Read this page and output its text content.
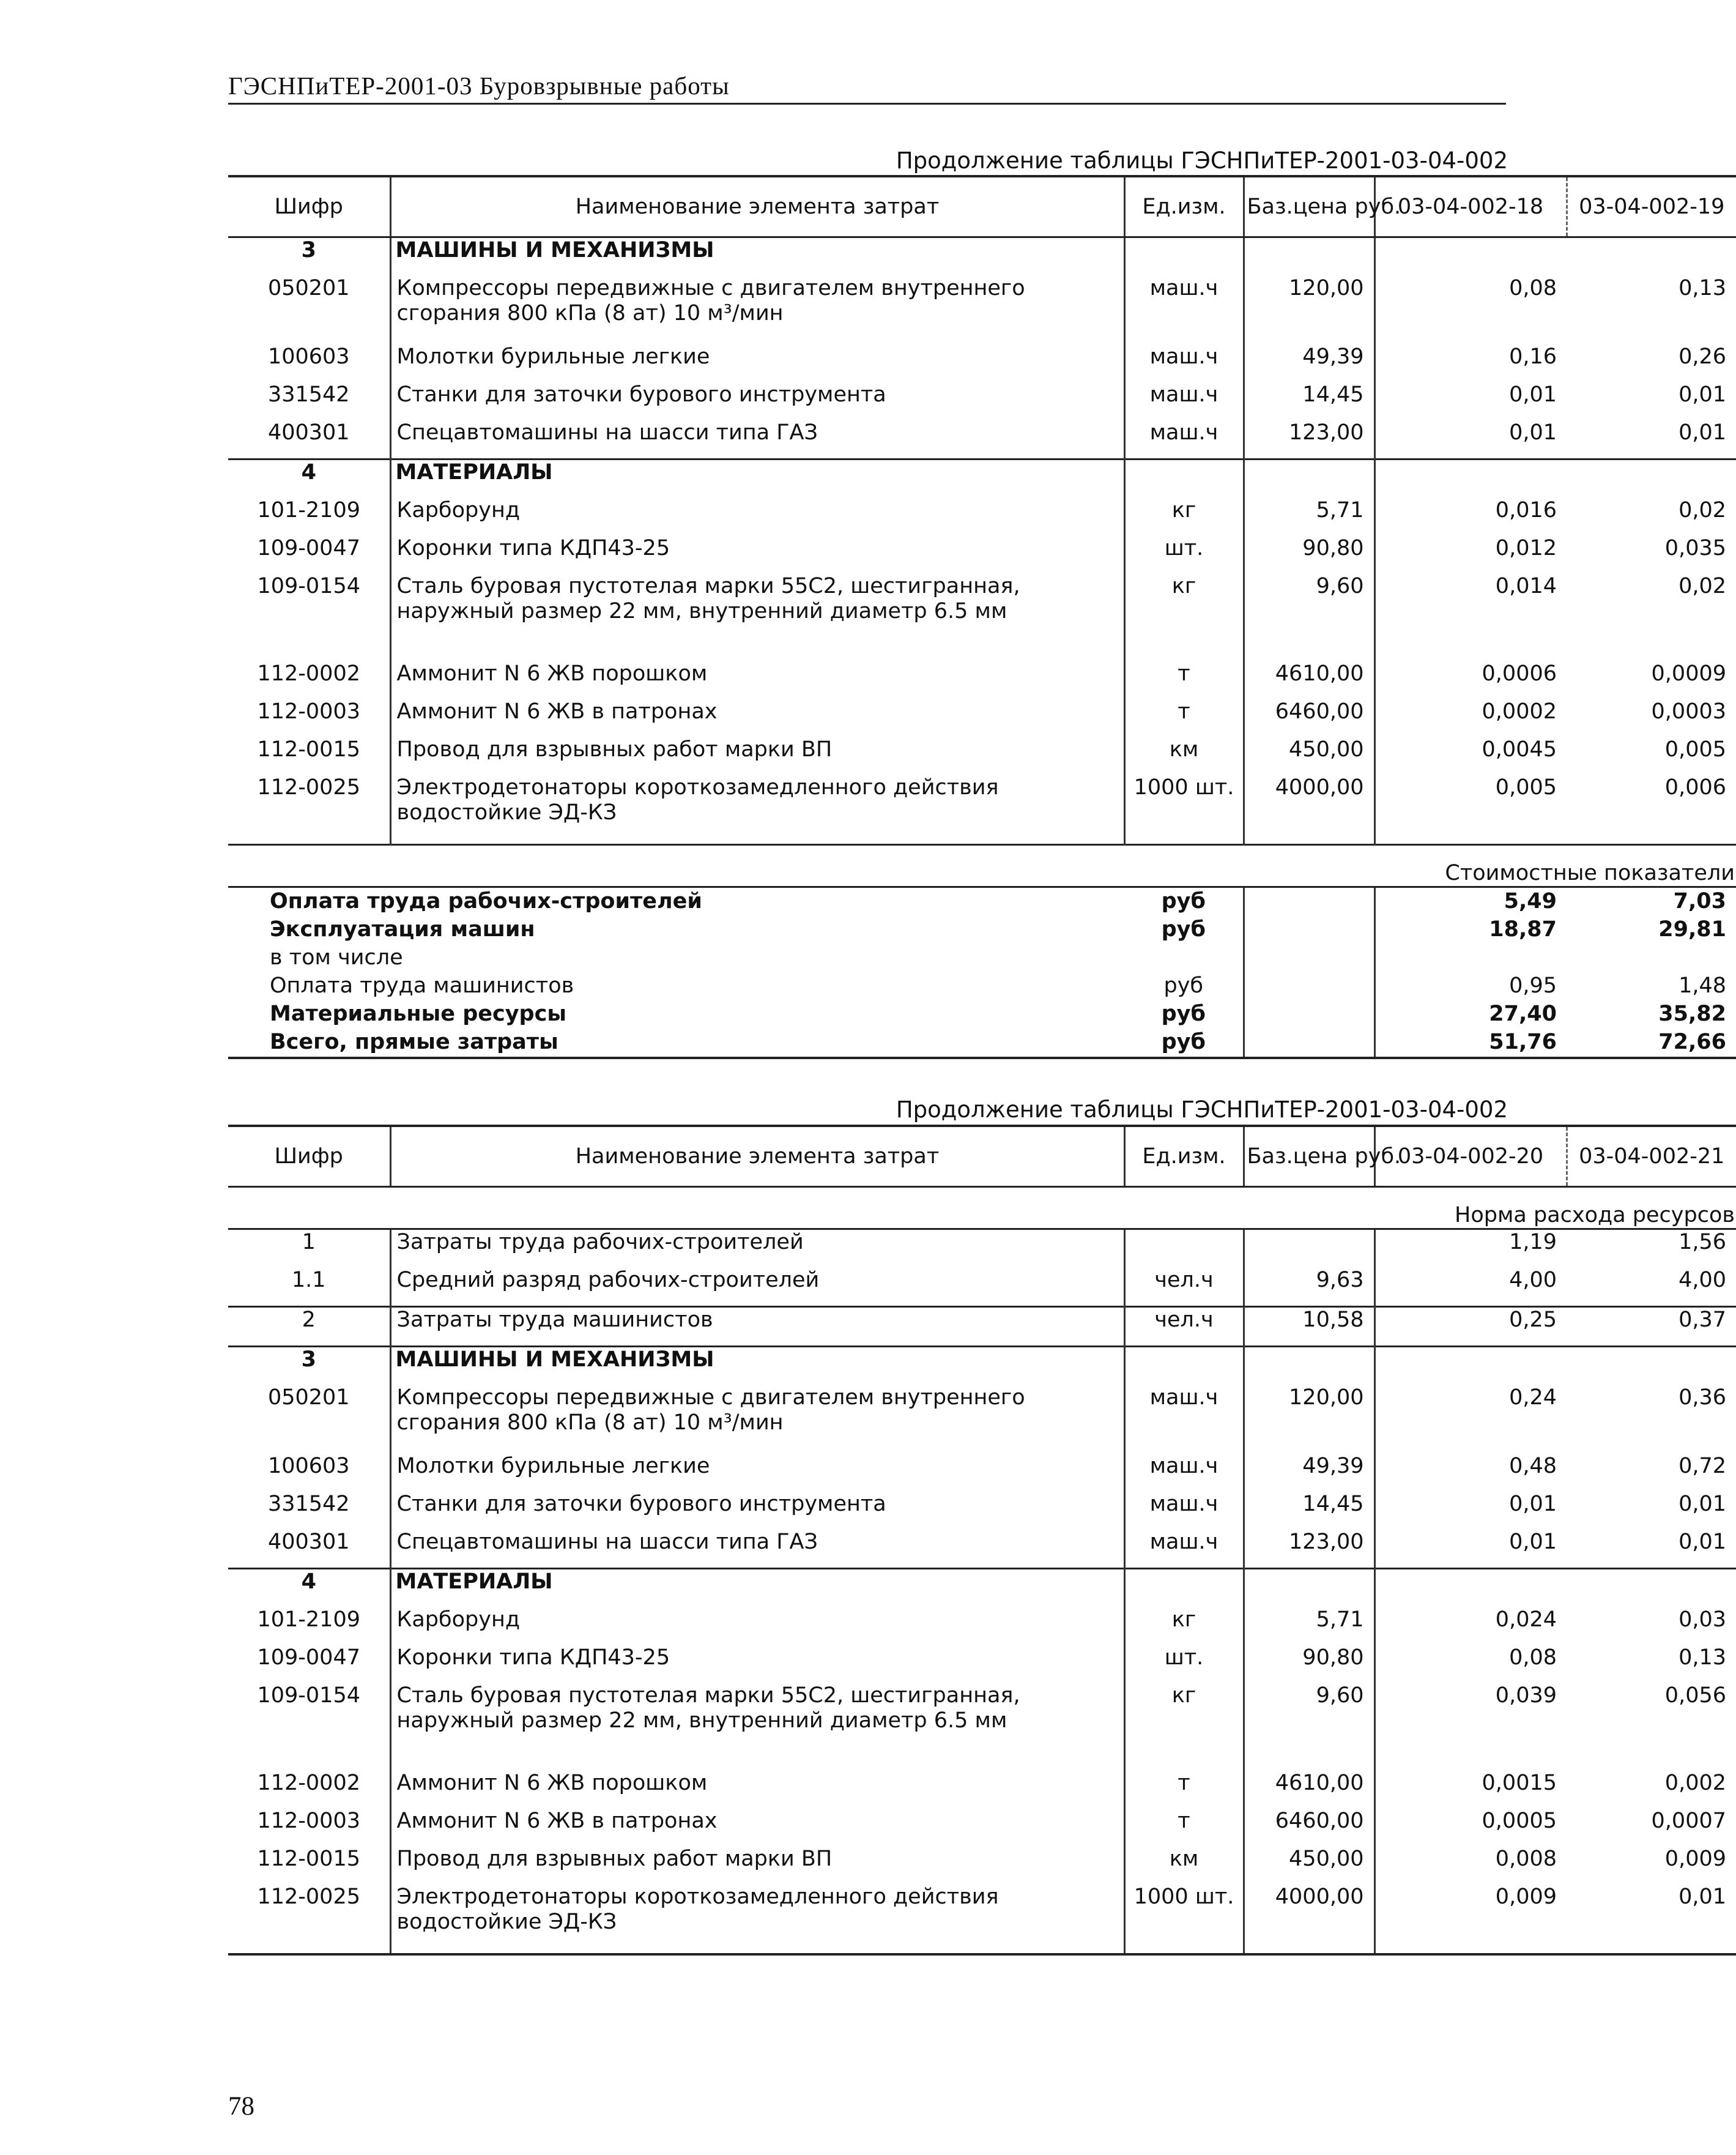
ГЭСНПиТЕР-2001-03 Буровзрывные работы
Продолжение таблицы ГЭСНПиТЕР-2001-03-04-002
Шифр	Наименование элемента затрат	Ед.изм.	Баз.цена руб.	03-04-002-18	03-04-002-19
3	МАШИНЫ И МЕХАНИЗМЫ				
050201	Компрессоры передвижные с двигателем внутреннего сгорания 800 кПа (8 ат) 10 м³/мин	маш.ч	120,00	0,08	0,13
100603	Молотки бурильные легкие	маш.ч	49,39	0,16	0,26
331542	Станки для заточки бурового инструмента	маш.ч	14,45	0,01	0,01
400301	Спецавтомашины на шасси типа ГАЗ	маш.ч	123,00	0,01	0,01
4	МАТЕРИАЛЫ				
101-2109	Карборунд	кг	5,71	0,016	0,02
109-0047	Коронки типа КДП43-25	шт.	90,80	0,012	0,035
109-0154	Сталь буровая пустотелая марки 55С2, шестигранная, наружный размер 22 мм, внутренний диаметр 6.5 мм	кг	9,60	0,014	0,02
112-0002	Аммонит N 6 ЖВ порошком	т	4610,00	0,0006	0,0009
112-0003	Аммонит N 6 ЖВ в патронах	т	6460,00	0,0002	0,0003
112-0015	Провод для взрывных работ марки ВП	км	450,00	0,0045	0,005
112-0025	Электродетонаторы короткозамедленного действия водостойкие ЭД-КЗ	1000 шт.	4000,00	0,005	0,006
Стоимостные показатели					
Оплата труда рабочих-строителей		руб		5,49	7,03
Эксплуатация машин		руб		18,87	29,81
в том числе					
Оплата труда машинистов		руб		0,95	1,48
Материальные ресурсы		руб		27,40	35,82
Всего, прямые затраты		руб		51,76	72,66
Продолжение таблицы ГЭСНПиТЕР-2001-03-04-002
Шифр	Наименование элемента затрат	Ед.изм.	Баз.цена руб.	03-04-002-20	03-04-002-21
Норма расхода ресурсов					
1	Затраты труда рабочих-строителей			1,19	1,56
1.1	Средний разряд рабочих-строителей	чел.ч	9,63	4,00	4,00
2	Затраты труда машинистов	чел.ч	10,58	0,25	0,37
3	МАШИНЫ И МЕХАНИЗМЫ				
050201	Компрессоры передвижные с двигателем внутреннего сгорания 800 кПа (8 ат) 10 м³/мин	маш.ч	120,00	0,24	0,36
100603	Молотки бурильные легкие	маш.ч	49,39	0,48	0,72
331542	Станки для заточки бурового инструмента	маш.ч	14,45	0,01	0,01
400301	Спецавтомашины на шасси типа ГАЗ	маш.ч	123,00	0,01	0,01
4	МАТЕРИАЛЫ				
101-2109	Карборунд	кг	5,71	0,024	0,03
109-0047	Коронки типа КДП43-25	шт.	90,80	0,08	0,13
109-0154	Сталь буровая пустотелая марки 55С2, шестигранная, наружный размер 22 мм, внутренний диаметр 6.5 мм	кг	9,60	0,039	0,056
112-0002	Аммонит N 6 ЖВ порошком	т	4610,00	0,0015	0,002
112-0003	Аммонит N 6 ЖВ в патронах	т	6460,00	0,0005	0,0007
112-0015	Провод для взрывных работ марки ВП	км	450,00	0,008	0,009
112-0025	Электродетонаторы короткозамедленного действия водостойкие ЭД-КЗ	1000 шт.	4000,00	0,009	0,01
78
